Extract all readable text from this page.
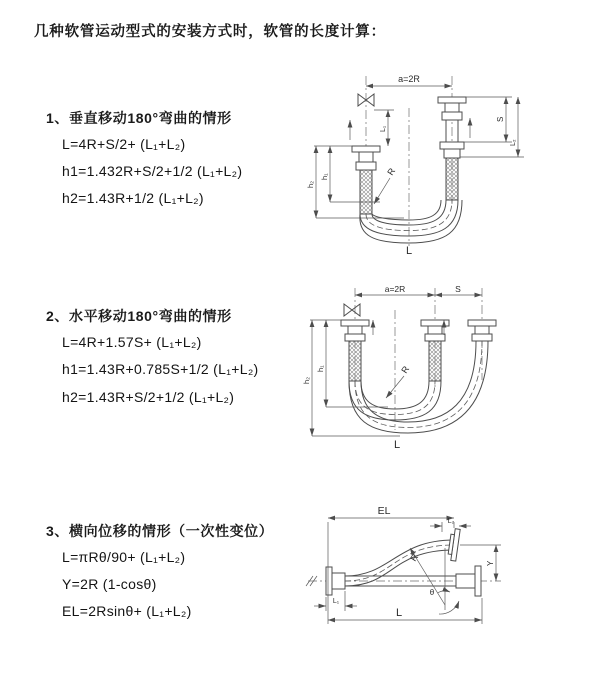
几种软管运动型式的安装方式时，软管的长度计算：
1、垂直移动180°弯曲的情形
L=4R+S/2+ (L₁+L₂)
h1=1.432R+S/2+1/2 (L₁+L₂)
h2=1.43R+1/2 (L₁+L₂)
2、水平移动180°弯曲的情形
L=4R+1.57S+ (L₁+L₂)
h1=1.43R+0.785S+1/2 (L₁+L₂)
h2=1.43R+S/2+1/2 (L₁+L₂)
3、横向位移的情形（一次性变位）
L=πRθ/90+ (L₁+L₂)
Y=2R (1-cosθ)
EL=2Rsinθ+ (L₁+L₂)
a=2R
h₂
h₁
S
L₂
L₁
R
L
a=2R	S
h₂
h₁	R
L
EL
L₂
Y
θ
R
L
L₁
